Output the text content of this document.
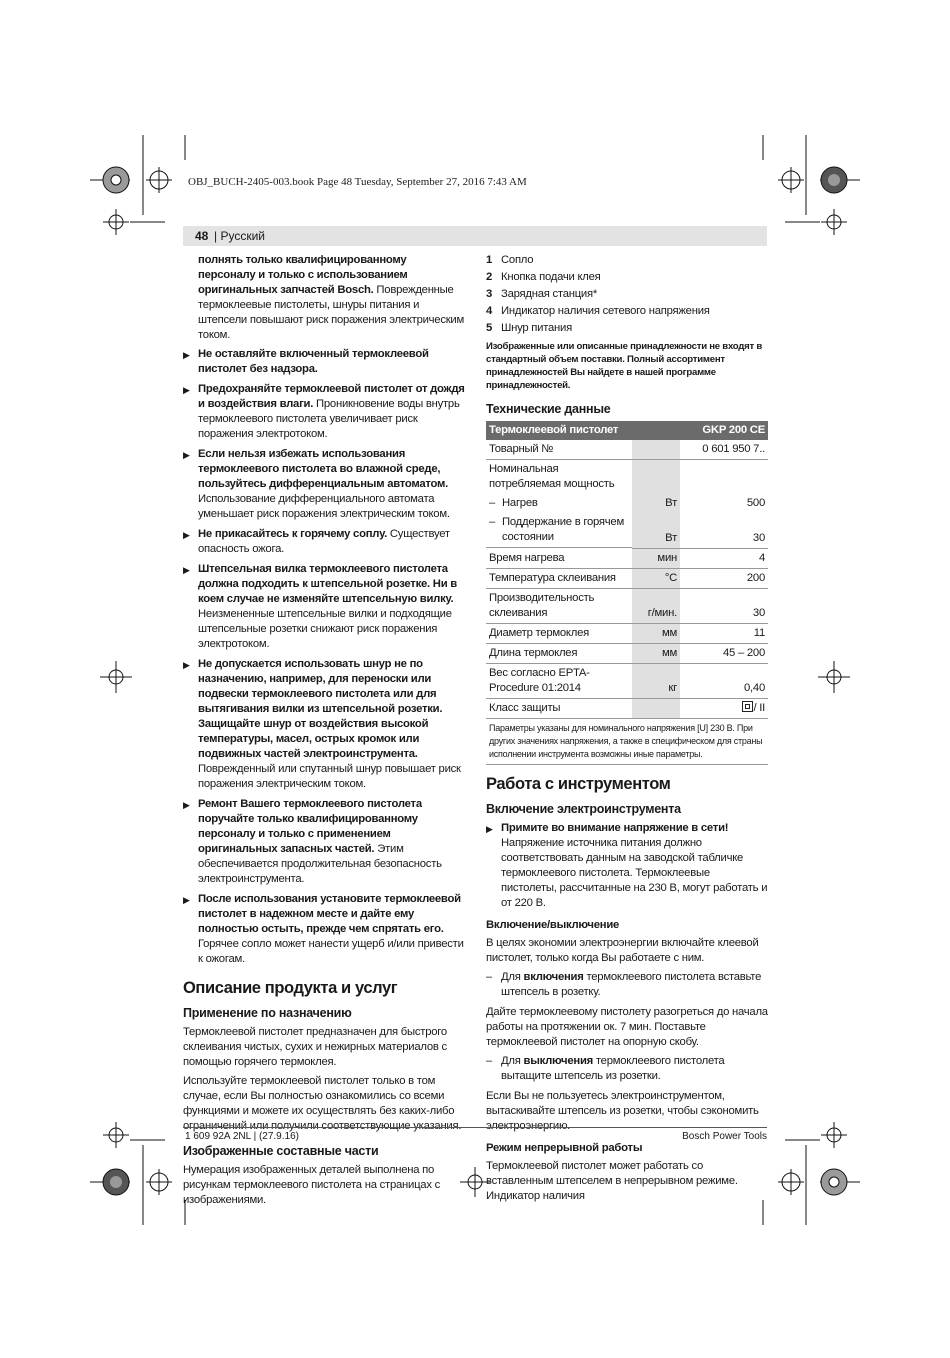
OBJ_BUCH-2405-003.book Page 48 Tuesday, September 27, 2016 7:43 AM
48 | Русский

полнять только квалифицированному персоналу и только с использованием оригинальных запчастей Bosch. Поврежденные термоклеевые пистолеты, шнуры питания и штепсели повышают риск поражения электрическим током.

▶ Не оставляйте включенный термоклеевой пистолет без надзора.
▶ Предохраняйте термоклеевой пистолет от дождя и воздействия влаги. Проникновение воды внутрь термоклеевого пистолета увеличивает риск поражения электротоком.
▶ Если нельзя избежать использования термоклеевого пистолета во влажной среде, пользуйтесь дифференциальным автоматом. Использование дифференциального автомата уменьшает риск поражения электрическим током.
▶ Не прикасайтесь к горячему соплу. Существует опасность ожога.
▶ Штепсельная вилка термоклеевого пистолета должна подходить к штепсельной розетке. Ни в коем случае не изменяйте штепсельную вилку. Неизмененные штепсельные вилки и подходящие штепсельные розетки снижают риск поражения электротоком.
▶ Не допускается использовать шнур не по назначению, например, для переноски или подвески термоклеевого пистолета или для вытягивания вилки из штепсельной розетки. Защищайте шнур от воздействия высокой температуры, масел, острых кромок или подвижных частей электроинструмента. Поврежденный или спутанный шнур повышает риск поражения электрическим током.
▶ Ремонт Вашего термоклеевого пистолета поручайте только квалифицированному персоналу и только с применением оригинальных запасных частей. Этим обеспечивается продолжительная безопасность электроинструмента.
▶ После использования установите термоклеевой пистолет в надежном месте и дайте ему полностью остыть, прежде чем спрятать его. Горячее сопло может нанести ущерб и/или привести к ожогам.
Описание продукта и услуг
Применение по назначению

Термоклеевой пистолет предназначен для быстрого склеивания чистых, сухих и нежирных материалов с помощью горячего термоклея.

Используйте термоклеевой пистолет только в том случае, если Вы полностью ознакомились со всеми функциями и можете их осуществлять без каких-либо ограничений или получили соответствующие указания.

Изображенные составные части

Нумерация изображенных деталей выполнена по рисункам термоклеевого пистолета на страницах с изображениями.

1 Сопло
2 Кнопка подачи клея
3 Зарядная станция*
4 Индикатор наличия сетевого напряжения
5 Шнур питания

Изображенные или описанные принадлежности не входят в стандартный объем поставки. Полный ассортимент принадлежностей Вы найдете в нашей программе принадлежностей.

Технические данные
Термоклеевой пистолет		GKP 200 CE
Товарный №		0 601 950 7..
Номинальная потребляемая мощность		
– Нагрев	Вт	500

– Поддержание в горячем состоянии	Вт	30
Время нагрева	мин	4
Температура склеивания	°C	200
Производительность склеивания	г/мин.	30
Диаметр термоклея	мм	11
Длина термоклея	мм	45 – 200
Вес согласно EPTA-Procedure 01:2014	кг	0,40
Класс защиты		/ II
Параметры указаны для номинального напряжения [U] 230 В. При других значениях напряжения, а также в специфическом для страны исполнении инструмента возможны иные параметры.		
Работа с инструментом
Включение электроинструмента
▶ Примите во внимание напряжение в сети! Напряжение источника питания должно соответствовать данным на заводской табличке термоклеевого пистолета. Термоклеевые пистолеты, рассчитанные на 230 В, могут работать и от 220 В.
Включение/выключение

В целях экономии электроэнергии включайте клеевой пистолет, только когда Вы работаете с ним.

– Для включения термоклеевого пистолета вставьте штепсель в розетку.

Дайте термоклеевому пистолету разогреться до начала работы на протяжении ок. 7 мин. Поставьте термоклеевой пистолет на опорную скобу.

– Для выключения термоклеевого пистолета вытащите штепсель из розетки.

Если Вы не пользуетесь электроинструментом, вытаскивайте штепсель из розетки, чтобы сэкономить электроэнергию.

Режим непрерывной работы

Термоклеевой пистолет может работать со вставленным штепселем в непрерывном режиме. Индикатор наличия

1 609 92A 2NL | (27.9.16)	Bosch Power Tools
